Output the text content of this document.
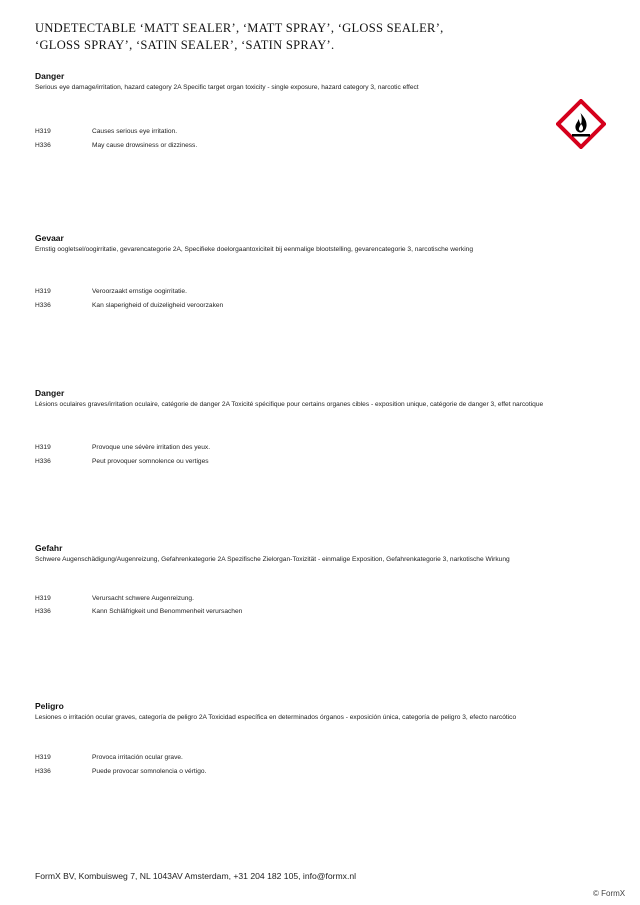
UNDETECTABLE ‘MATT SEALER’, ‘MATT SPRAY’, ‘GLOSS SEALER’,
‘GLOSS SPRAY’, ‘SATIN SEALER’, ‘SATIN SPRAY’.
Danger
Serious eye damage/irritation, hazard category 2A Specific target organ toxicity - single exposure, hazard category 3, narcotic effect
H319	Causes serious eye irritation.
H336	May cause drowsiness or dizziness.
Gevaar
Ernstig oogletsel/oogirritatie, gevarencategorie 2A, Specifieke doelorgaantoxiciteit bij eenmalige blootstelling, gevarencategorie 3, narcotische werking
H319	Veroorzaakt ernstige oogirritatie.
H336	Kan slaperigheid of duizeligheid veroorzaken
Danger
Lésions oculaires graves/irritation oculaire, catégorie de danger 2A Toxicité spécifique pour certains organes cibles - exposition unique, catégorie de danger 3, effet narcotique
H319	Provoque une sévère irritation des yeux.
H336	Peut provoquer somnolence ou vertiges
Gefahr
Schwere Augenschädigung/Augenreizung, Gefahrenkategorie 2A Spezifische Zielorgan-Toxizität - einmalige Exposition, Gefahrenkategorie 3, narkotische Wirkung
H319	Verursacht schwere Augenreizung.
H336	Kann Schläfrigkeit und Benommenheit verursachen
Peligro
Lesiones o irritación ocular graves, categoría de peligro 2A Toxicidad específica en determinados órganos - exposición única, categoría de peligro 3, efecto narcótico
H319	Provoca irritación ocular grave.
H336	Puede provocar somnolencia o vértigo.
FormX BV, Kombuisweg 7, NL 1043AV Amsterdam, +31 204 182 105, info@formx.nl
© FormX
